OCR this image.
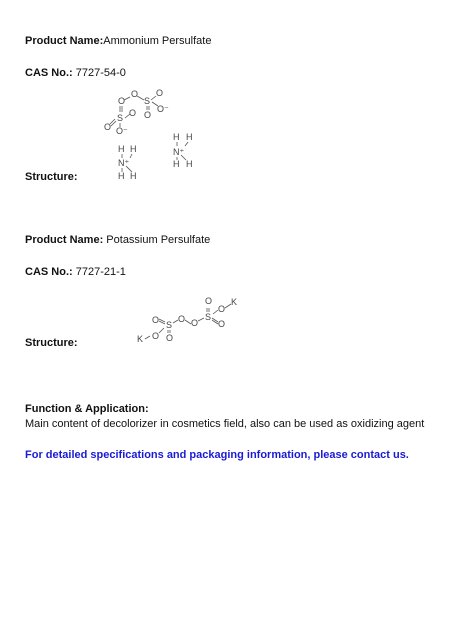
Product Name:Ammonium Persulfate
CAS No.: 7727-54-0
O
O
S
O
O⁻
O
S
O
O
O⁻
H H
N⁺
H H
H H
N⁺
H H
Structure:
Product Name: Potassium Persulfate
CAS No.: 7727-21-1
O S
O
O
O
K
O
S
O
O
O
K
Structure:
Function & Application:
Main content of decolorizer in cosmetics field, also can be used as oxidizing agent
For detailed specifications and packaging information, please contact us.
